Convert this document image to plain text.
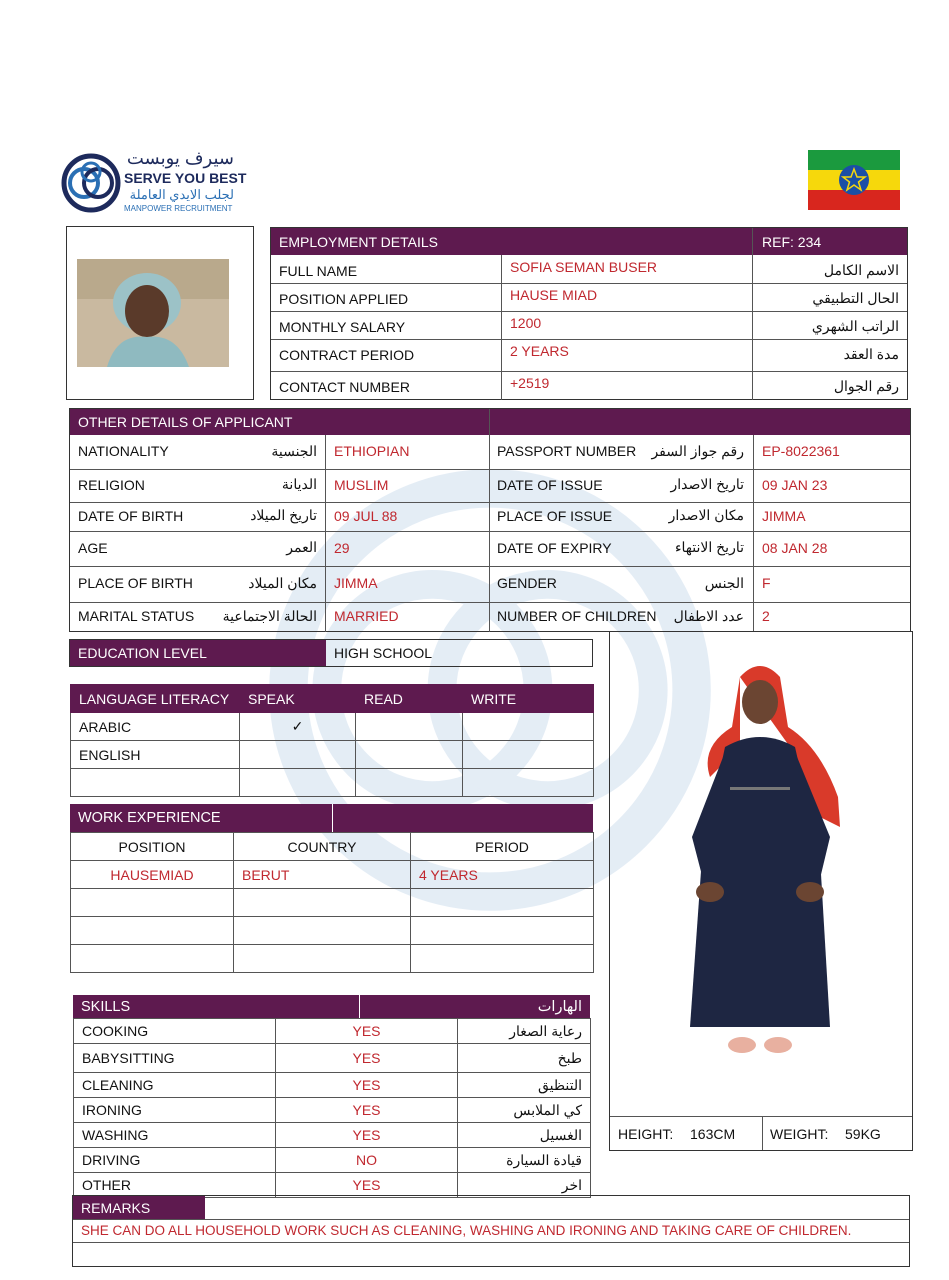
سيرف يوبست
SERVE YOU BEST
لجلب الايدي العاملة
MANPOWER RECRUITMENT
EMPLOYMENT DETAILS	REF: 234
FULL NAME	SOFIA SEMAN BUSER	الاسم الكامل
POSITION APPLIED	HAUSE MIAD	الحال التطبيقي
MONTHLY SALARY	1200	الراتب الشهري
CONTRACT PERIOD	2 YEARS	مدة العقد
CONTACT NUMBER	+2519	رقم الجوال
OTHER DETAILS OF APPLICANT
NATIONALITY	الجنسية	ETHIOPIAN	PASSPORT NUMBER	رقم جواز السفر	EP-8022361
RELIGION	الديانة	MUSLIM	DATE OF ISSUE	تاريخ الاصدار	09 JAN 23
DATE OF BIRTH	تاريخ الميلاد	09 JUL 88	PLACE OF ISSUE	مكان الاصدار	JIMMA
AGE	العمر	29	DATE OF EXPIRY	تاريخ الانتهاء	08 JAN 28
PLACE OF BIRTH	مكان الميلاد	JIMMA	GENDER	الجنس	F
MARITAL STATUS	الحالة الاجتماعية	MARRIED	NUMBER OF CHILDREN	عدد الاطفال	2
EDUCATION LEVEL	HIGH SCHOOL
LANGUAGE LITERACY	SPEAK	READ	WRITE
ARABIC	✓		
ENGLISH			

WORK EXPERIENCE
POSITION	COUNTRY	PERIOD
HAUSEMIAD	BERUT	4 YEARS

SKILLS	الهارات
COOKING	YES	رعاية الصغار
BABYSITTING	YES	طبخ
CLEANING	YES	التنظيق
IRONING	YES	كي الملابس
WASHING	YES	الغسيل
DRIVING	NO	قيادة السيارة
OTHER	YES	اخر
HEIGHT:	163CM	WEIGHT:	59KG
REMARKS
SHE CAN DO ALL HOUSEHOLD WORK SUCH AS CLEANING, WASHING AND IRONING AND TAKING CARE OF CHILDREN.
